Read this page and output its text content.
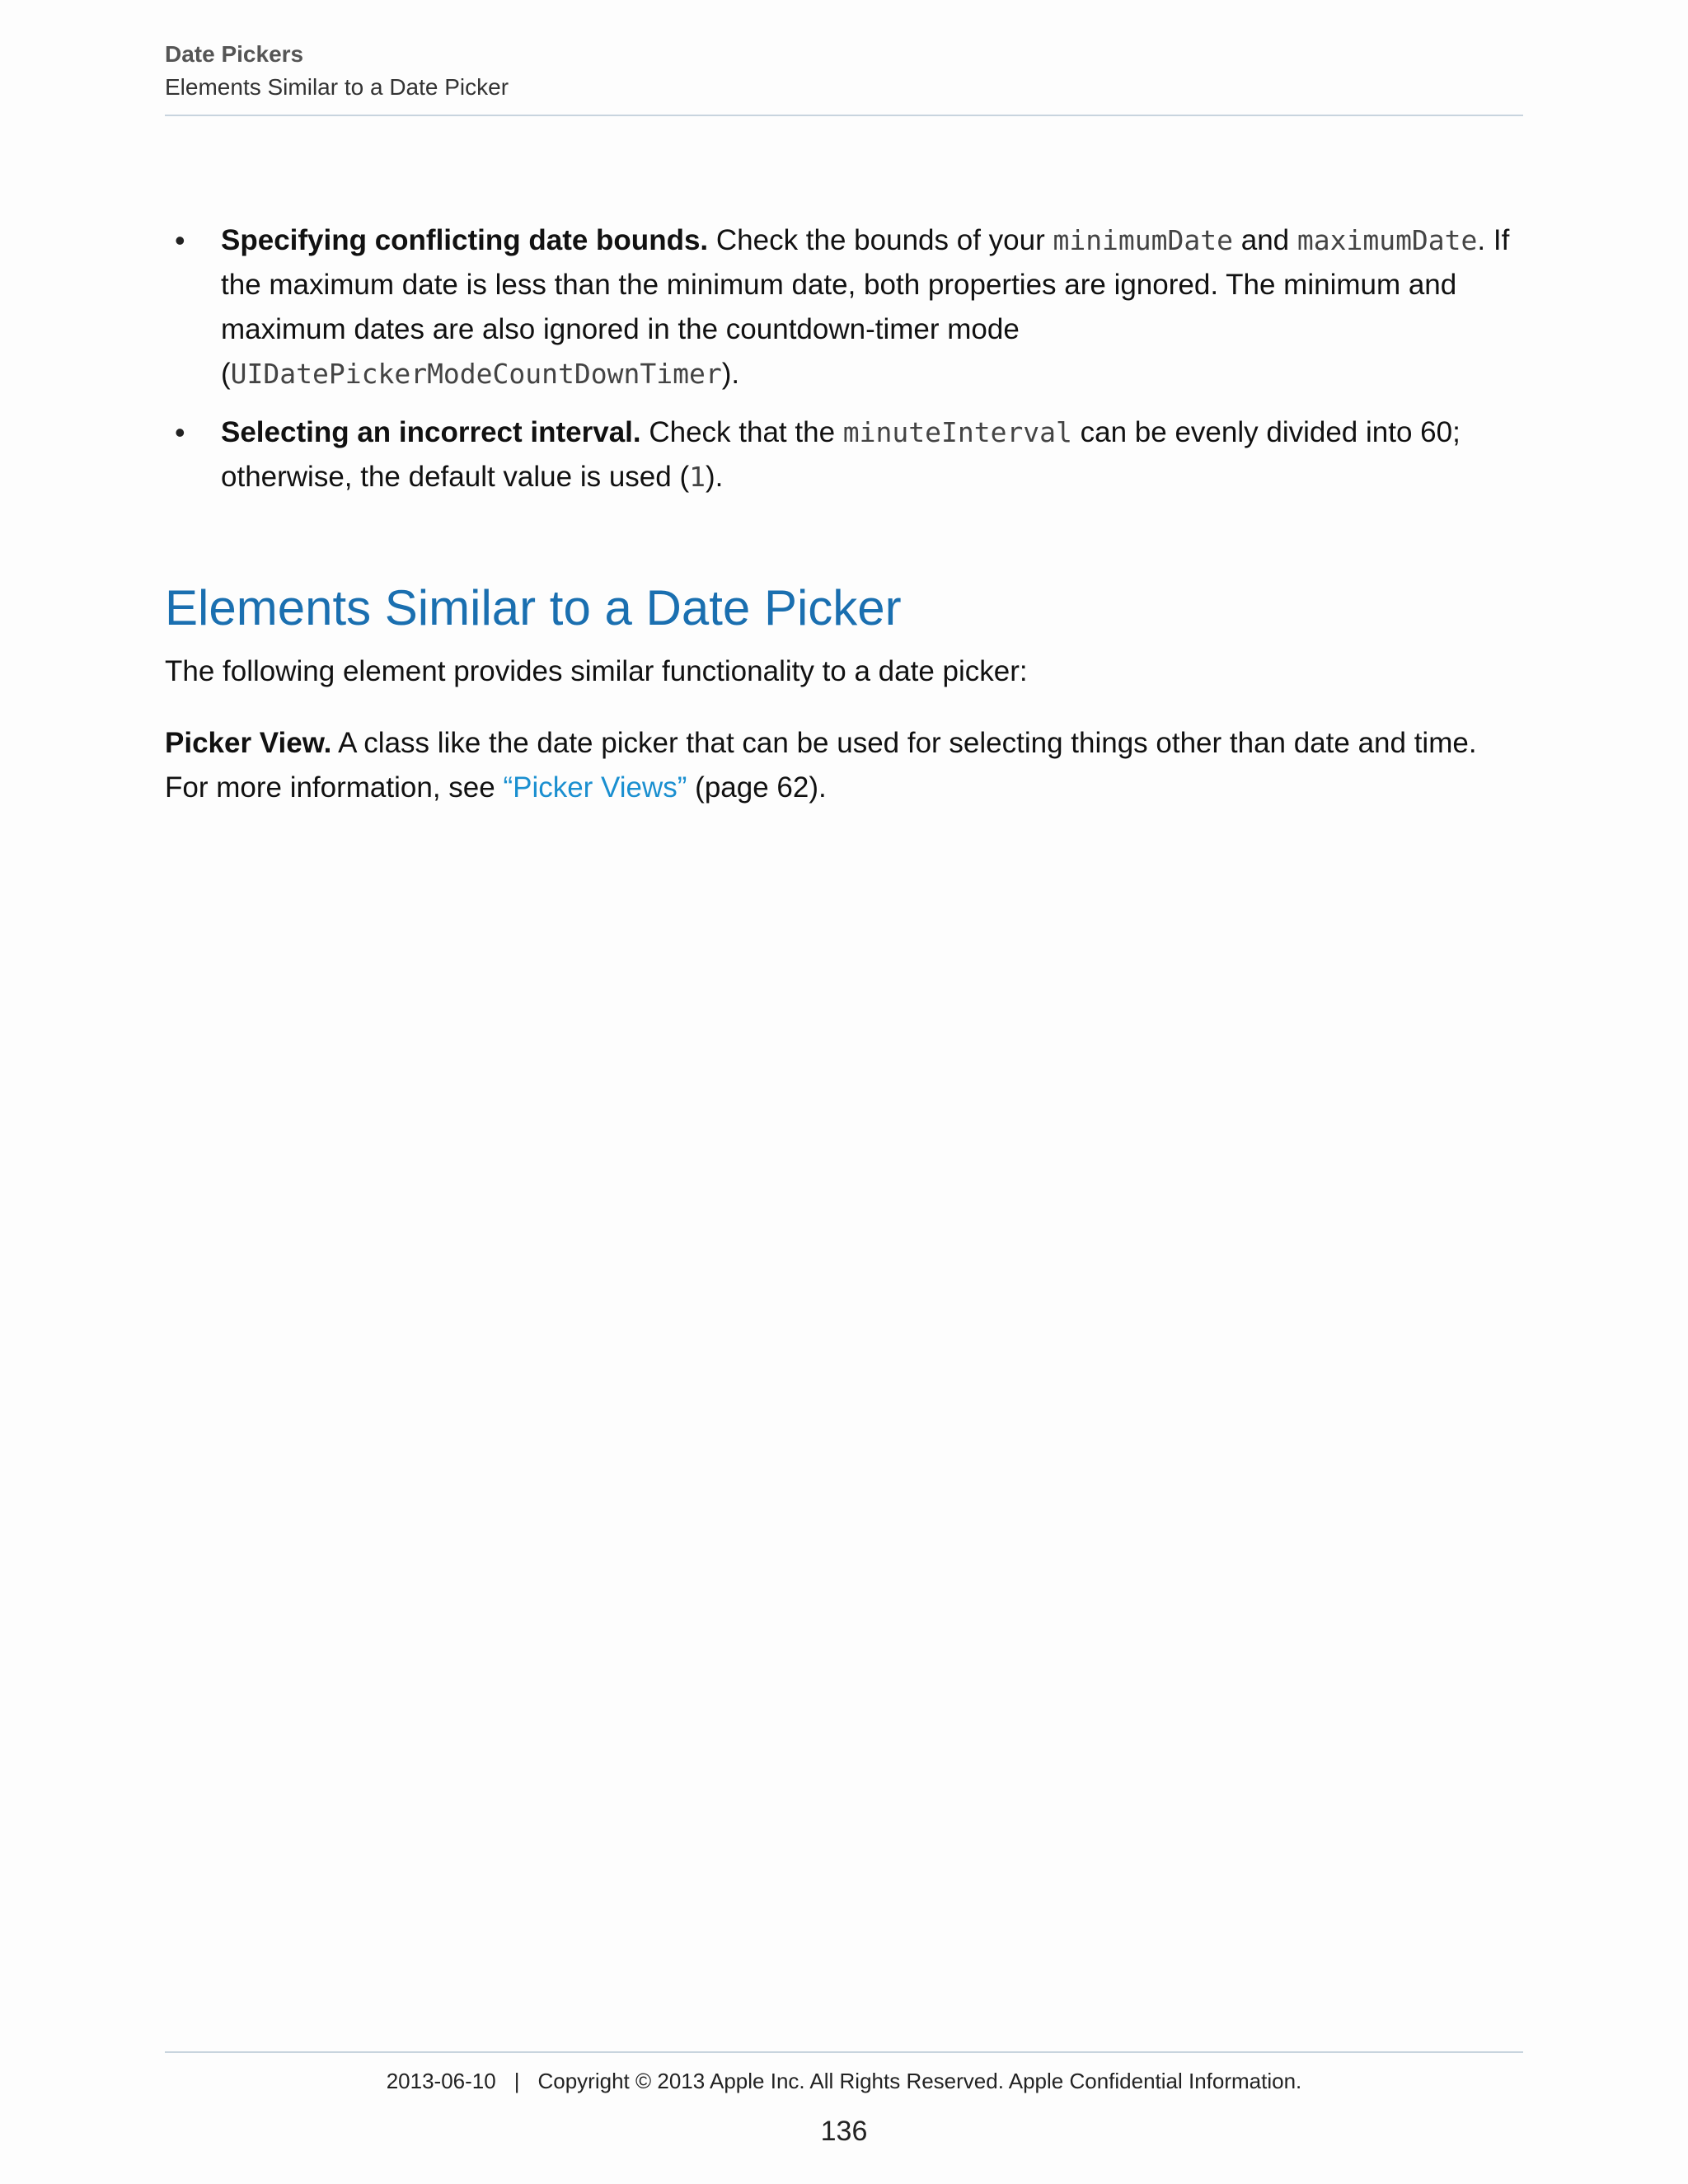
Date Pickers
Elements Similar to a Date Picker
• Specifying conflicting date bounds. Check the bounds of your minimumDate and maximumDate. If the maximum date is less than the minimum date, both properties are ignored. The minimum and maximum dates are also ignored in the countdown-timer mode (UIDatePickerModeCountDownTimer).
• Selecting an incorrect interval. Check that the minuteInterval can be evenly divided into 60; otherwise, the default value is used (1).
Elements Similar to a Date Picker

The following element provides similar functionality to a date picker:

Picker View. A class like the date picker that can be used for selecting things other than date and time. For more information, see “Picker Views” (page 62).

2013-06-10 | Copyright © 2013 Apple Inc. All Rights Reserved. Apple Confidential Information.
136
